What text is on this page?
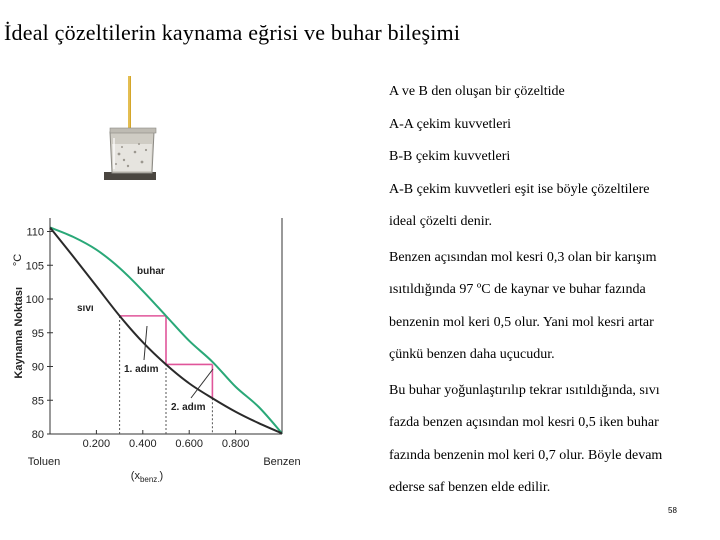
İdeal çözeltilerin kaynama eğrisi ve buhar bileşimi

A ve B den oluşan bir çözeltide

A-A çekim kuvvetleri

B-B çekim kuvvetleri

A-B çekim kuvvetleri eşit ise böyle çözeltilere

ideal çözelti denir.

Benzen açısından mol kesri 0,3 olan bir karışım

ısıtıldığında 97 ºC de kaynar ve buhar fazında

benzenin mol keri 0,5 olur. Yani mol kesri artar

çünkü benzen daha uçucudur.

Bu buhar yoğunlaştırılıp tekrar ısıtıldığında, sıvı

fazda benzen açısından mol kesri 0,5 iken buhar

fazında benzenin mol keri 0,7 olur. Böyle devam

ederse saf benzen elde edilir.

58
80
85
90
95
100
105
110
0.200 0.400 0.600 0.800
Kaynama Noktası
°C
Toluen	Benzen
$(x_{benz.})$
buhar
sıvı
1. adım
2. adım
